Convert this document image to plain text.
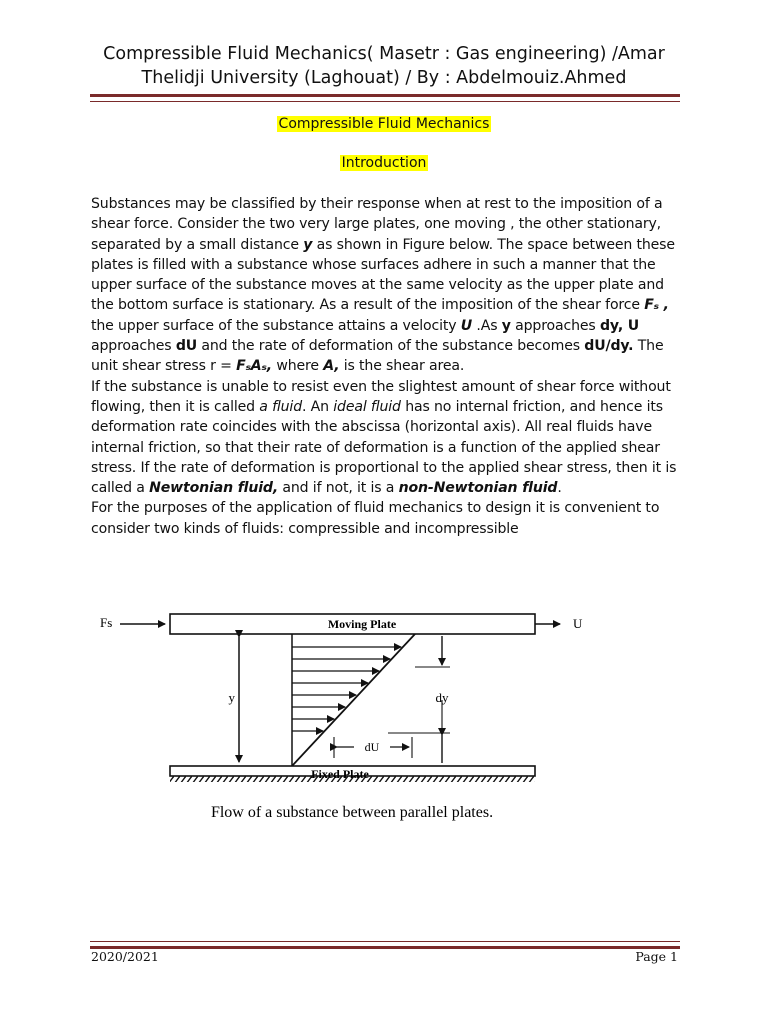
Compressible Fluid Mechanics( Masetr : Gas engineering) /Amar
Thelidji University (Laghouat) / By : Abdelmouiz.Ahmed
Compressible Fluid Mechanics
Introduction

Substances may be classified by their response when at rest to the imposition of a shear force. Consider the two very large plates, one moving , the other stationary, separated by a small distance y as shown in Figure below. The space between these plates is filled with a substance whose surfaces adhere in such a manner that the upper surface of the substance moves at the same velocity as the upper plate and the bottom surface is stationary. As a result of the imposition of the shear force Fₛ , the upper surface of the substance attains a velocity U .As y approaches dy, U approaches dU and the rate of deformation of the substance becomes dU/dy. The unit shear stress r = FₛAₛ, where A, is the shear area.

If the substance is unable to resist even the slightest amount of shear force without flowing, then it is called a fluid. An ideal fluid has no internal friction, and hence its deformation rate coincides with the abscissa (horizontal axis). All real fluids have internal friction, so that their rate of deformation is a function of the applied shear stress. If the rate of deformation is proportional to the applied shear stress, then it is called a Newtonian fluid, and if not, it is a non-Newtonian fluid.

For the purposes of the application of fluid mechanics to design it is convenient to consider two kinds of fluids: compressible and incompressible

Fs	Moving Plate	U
y	dy
dU
Fixed Plate
Flow of a substance between parallel plates.
2020/2021	Page 1
